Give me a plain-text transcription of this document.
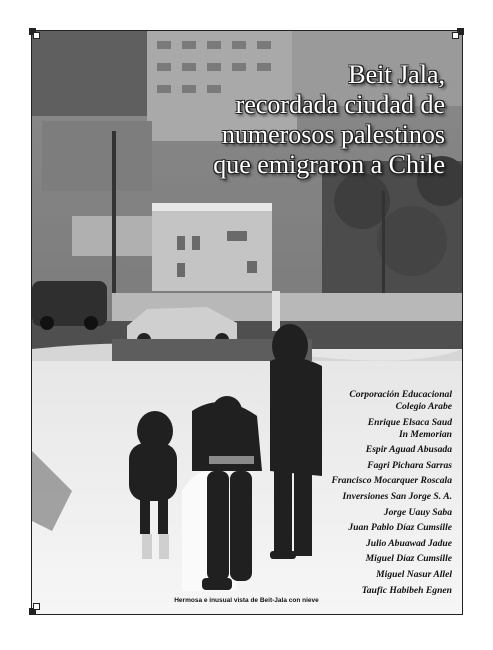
Beit Jala,
recordada ciudad de
numerosos palestinos
que emigraron a Chile
Corporación Educacional
Colegio Arabe
Enrique Elsaca Saud
In Memorian
Espir Aguad Abusada
Fagri Pichara Sarras
Francisco Mocarquer Roscala
Inversiones San Jorge S. A.
Jorge Uauy Saba
Juan Pablo Díaz Cumsille
Julio Abuawad Jadue
Miguel Díaz Cumsille
Miguel Nasur Allel
Taufic Habibeh Egnen
Hermosa e inusual vista de Beit-Jala con nieve
